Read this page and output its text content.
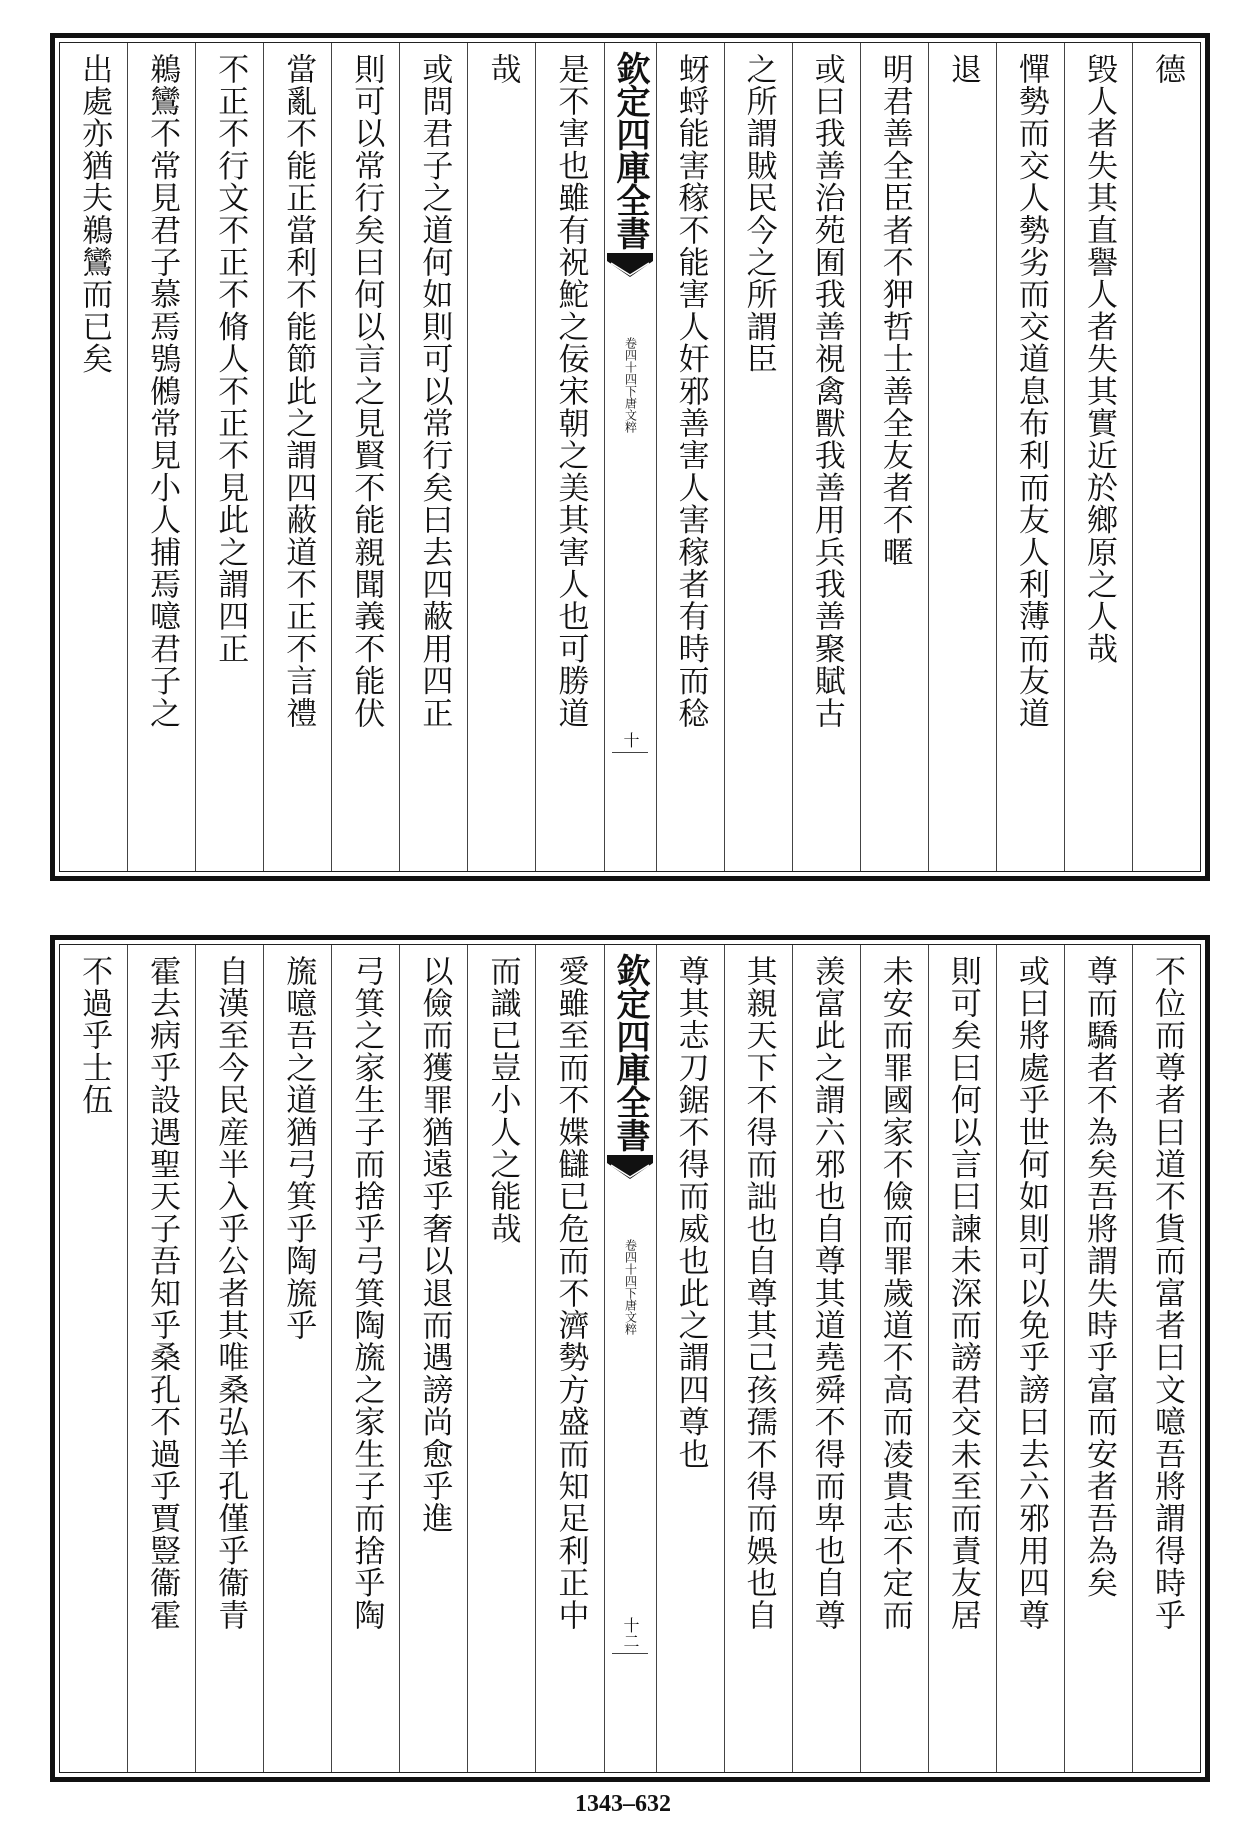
德
毁人者失其直譽人者失其實近於鄉原之人哉
憚勢而交人勢劣而交道息布利而友人利薄而友道
退
明君善全臣者不狎哲士善全友者不暱
或曰我善治苑囿我善視禽獸我善用兵我善聚賦古
之所謂賊民今之所謂臣
蚜蛶能害稼不能害人奸邪善害人害稼者有時而稔
欽定四庫全書
唐文粹
卷四十四下
十
是不害也雖有祝鮀之佞宋朝之美其害人也可勝道
哉
或問君子之道何如則可以常行矣曰去四蔽用四正
則可以常行矣曰何以言之見賢不能親聞義不能伏
當亂不能正當利不能節此之謂四蔽道不正不言禮
不正不行文不正不脩人不正不見此之謂四正
鵜鸞不常見君子慕焉鴞鵂常見小人捕焉噫君子之
出處亦猶夫鵜鸞而已矣
不位而尊者曰道不貨而富者曰文噫吾將謂得時乎
尊而驕者不為矣吾將謂失時乎富而安者吾為矣
或曰將處乎世何如則可以免乎謗曰去六邪用四尊
則可矣曰何以言曰諫未深而謗君交未至而責友居
未安而罪國家不儉而罪歲道不高而凌貴志不定而
羡富此之謂六邪也自尊其道堯舜不得而卑也自尊
其親天下不得而詘也自尊其己孩孺不得而娛也自
尊其志刀鋸不得而威也此之謂四尊也
欽定四庫全書
唐文粹
卷四十四下
十二
愛雖至而不媟讎已危而不濟勢方盛而知足利正中
而識已豈小人之能哉
以儉而獲罪猶遠乎奢以退而遇謗尚愈乎進
弓箕之家生子而捨乎弓箕陶旒之家生子而捨乎陶
旒噫吾之道猶弓箕乎陶旒乎
自漢至今民産半入乎公者其唯桑弘羊孔僅乎衞青
霍去病乎設遇聖天子吾知乎桑孔不過乎賈豎衞霍
不過乎士伍
1343–632
